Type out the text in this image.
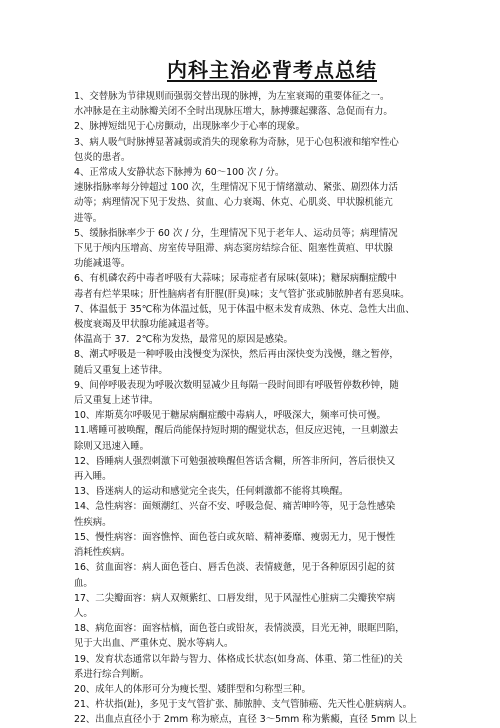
内科主治必背考点总结
1、交替脉为节律规则而强弱交替出现的脉搏，为左室衰竭的重要体征之一。
水冲脉是在主动脉瓣关闭不全时出现脉压增大，脉搏骤起骤落、急促而有力。
2、脉搏短绌见于心房颤动，出现脉率少于心率的现象。
3、病人吸气时脉搏显著减弱或消失的现象称为奇脉，见于心包积液和缩窄性心
包炎的患者。
4、正常成人安静状态下脉搏为 60～100 次 / 分。
速脉指脉率每分钟超过 100 次，生理情况下见于情绪激动、紧张、剧烈体力活
动等；病理情况下见于发热、贫血、心力衰竭、休克、心肌炎、甲状腺机能亢
进等。
5、缓脉指脉率少于 60 次 / 分，生理情况下见于老年人、运动员等；病理情况
下见于颅内压增高、房室传导阻滞、病态窦房结综合征、阻塞性黄疸、甲状腺
功能减退等。
6、有机磷农药中毒者呼吸有大蒜味；尿毒症者有尿味(氨味)；糖尿病酮症酸中
毒者有烂苹果味；肝性脑病者有肝腥(肝臭)味；支气管扩张或肺脓肿者有恶臭味。
7、体温低于 35℃称为体温过低，见于体温中枢未发育成熟、休克、急性大出血、
极度衰竭及甲状腺功能减退者等。
体温高于 37．2℃称为发热，最常见的原因是感染。
8、潮式呼吸是一种呼吸由浅慢变为深快，然后再由深快变为浅慢，继之暂停，
随后又重复上述节律。
9、间停呼吸表现为呼吸次数明显减少且每隔一段时间即有呼吸暂停数秒钟，随
后又重复上述节律。
10、库斯莫尔呼吸见于糖尿病酮症酸中毒病人，呼吸深大，频率可快可慢。
11.嗜睡可被唤醒，醒后尚能保持短时期的醒觉状态，但反应迟钝，一旦刺激去
除则又迅速入睡。
12、昏睡病人强烈刺激下可勉强被唤醒但答话含糊，所答非所问，答后很快又
再入睡。
13、昏迷病人的运动和感觉完全丧失，任何刺激都不能将其唤醒。
14、急性病容：面颊潮红、兴奋不安、呼吸急促、痛苦呻吟等，见于急性感染
性疾病。
15、慢性病容：面容憔悴、面色苍白或灰暗、精神萎靡、瘦弱无力，见于慢性
消耗性疾病。
16、贫血面容：病人面色苍白、唇舌色淡、表情疲惫，见于各种原因引起的贫
血。
17、二尖瓣面容：病人双颊紫红、口唇发绀，见于风湿性心脏病二尖瓣狭窄病
人。
18、病危面容：面容枯槁，面色苍白或铅灰，表情淡漠，目光无神，眼眶凹陷，
见于大出血、严重休克、脱水等病人。
19、发育状态通常以年龄与智力、体格成长状态(如身高、体重、第二性征)的关
系进行综合判断。
20、成年人的体形可分为瘦长型、矮胖型和匀称型三种。
21、杵状指(趾)，多见于支气管扩张、肺脓肿、支气管肺癌、先天性心脏病病人。
22、出血点直径小于 2mm 称为瘀点，直径 3～5mm 称为紫癜，直径 5mm 以上
